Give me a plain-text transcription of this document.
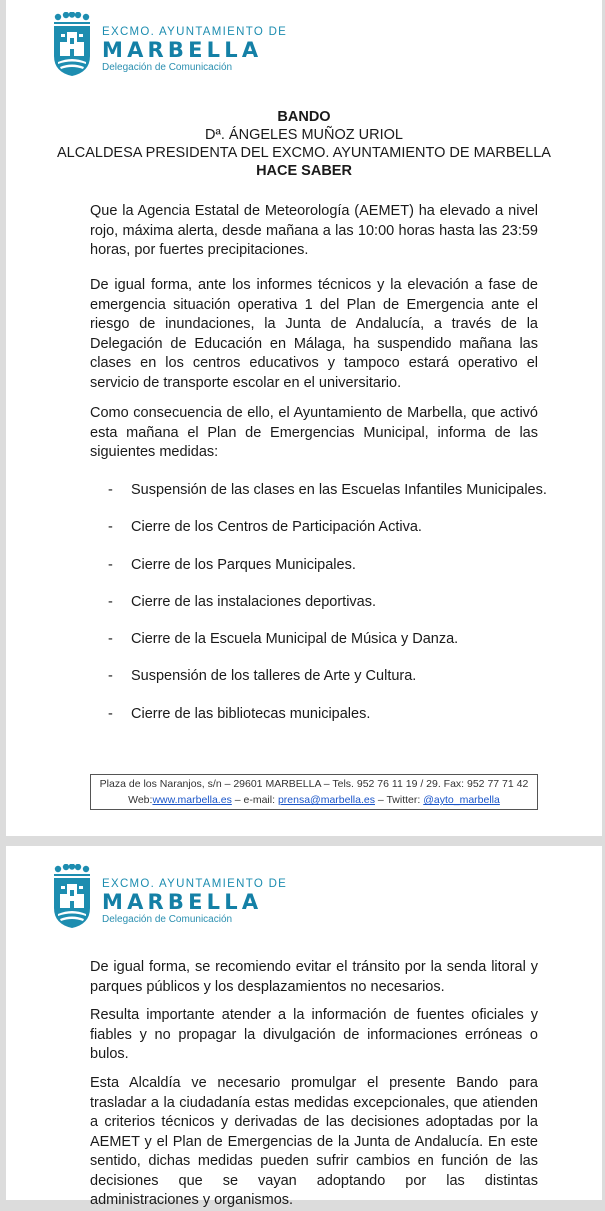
EXCMO. AYUNTAMIENTO DE
MARBELLA
Delegación de Comunicación
BANDO
Dª. ÁNGELES MUÑOZ URIOL
ALCALDESA PRESIDENTA DEL EXCMO. AYUNTAMIENTO DE MARBELLA
HACE SABER

Que la Agencia Estatal de Meteorología (AEMET) ha elevado a nivel rojo, máxima alerta, desde mañana a las 10:00 horas hasta las 23:59 horas, por fuertes precipitaciones.

De igual forma, ante los informes técnicos y la elevación a fase de emergencia situación operativa 1 del Plan de Emergencia ante el riesgo de inundaciones, la Junta de Andalucía, a través de la Delegación de Educación en Málaga, ha suspendido mañana las clases en los centros educativos y tampoco estará operativo el servicio de transporte escolar en el universitario.

Como consecuencia de ello, el Ayuntamiento de Marbella, que activó esta mañana el Plan de Emergencias Municipal, informa de las siguientes medidas:

- Suspensión de las clases en las Escuelas Infantiles Municipales.
- Cierre de los Centros de Participación Activa.
- Cierre de los Parques Municipales.
- Cierre de las instalaciones deportivas.
- Cierre de la Escuela Municipal de Música y Danza.
- Suspensión de los talleres de Arte y Cultura.
- Cierre de las bibliotecas municipales.
Plaza de los Naranjos, s/n – 29601 MARBELLA – Tels. 952 76 11 19 / 29. Fax: 952 77 71 42
Web:www.marbella.es – e-mail: prensa@marbella.es – Twitter: @ayto_marbella
EXCMO. AYUNTAMIENTO DE
MARBELLA
Delegación de Comunicación

De igual forma, se recomiendo evitar el tránsito por la senda litoral y parques públicos y los desplazamientos no necesarios.

Resulta importante atender a la información de fuentes oficiales y fiables y no propagar la divulgación de informaciones erróneas o bulos.

Esta Alcaldía ve necesario promulgar el presente Bando para trasladar a la ciudadanía estas medidas excepcionales, que atienden a criterios técnicos y derivadas de las decisiones adoptadas por la AEMET y el Plan de Emergencias de la Junta de Andalucía. En este sentido, dichas medidas pueden sufrir cambios en función de las decisiones que se vayan adoptando por las distintas administraciones y organismos.
